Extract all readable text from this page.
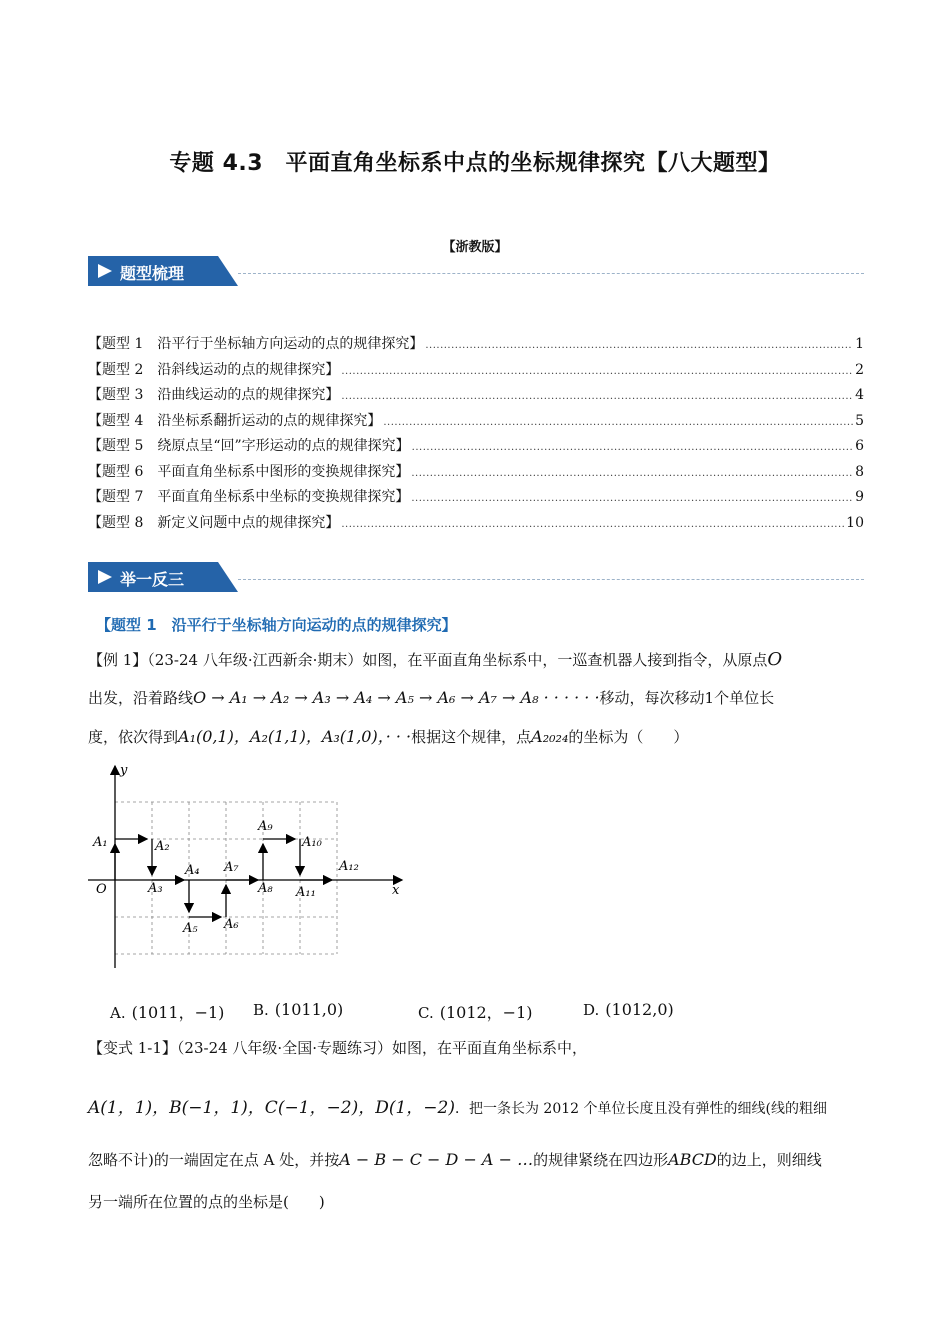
专题 4.3　平面直角坐标系中点的坐标规律探究【八大题型】
【浙教版】
题型梳理
【题型 1　沿平行于坐标轴方向运动的点的规律探究】 .....	1
【题型 2　沿斜线运动的点的规律探究】 .....	2
【题型 3　沿曲线运动的点的规律探究】 .....	4
【题型 4　沿坐标系翻折运动的点的规律探究】 .....	5
【题型 5　绕原点呈“回”字形运动的点的规律探究】 .....	6
【题型 6　平面直角坐标系中图形的变换规律探究】 .....	8
【题型 7　平面直角坐标系中坐标的变换规律探究】 .....	9
【题型 8　新定义问题中点的规律探究】 .....	10
举一反三
【题型 1　沿平行于坐标轴方向运动的点的规律探究】
【例 1】（23-24 八年级·江西新余·期末）如图，在平面直角坐标系中，一巡查机器人接到指令，从原点O
出发，沿着路线O → A₁ → A₂ → A₃ → A₄ → A₅ → A₆ → A₇ → A₈ · · · · · ·移动，每次移动1个单位长
度，依次得到A₁(0,1)，A₂(1,1)，A₃(1,0)，· · ·根据这个规律，点A₂₀₂₄的坐标为（　　）
y
x
O
A₁	A₂
A₃
A₄
A₅ A₆
A₇
A₈
A₉
A₁₀
A₁₁
A₁₂
A. (1011，−1) B. (1011,0)	C. (1012，−1)	D. (1012,0)
【变式 1-1】（23-24 八年级·全国·专题练习）如图，在平面直角坐标系中，
A(1，1)，B(−1，1)，C(−1，−2)，D(1，−2)．把一条长为 2012 个单位长度且没有弹性的细线(线的粗细
忽略不计)的一端固定在点 A 处，并按A − B − C − D − A − …的规律紧绕在四边形ABCD的边上，则细线
另一端所在位置的点的坐标是(　　)
